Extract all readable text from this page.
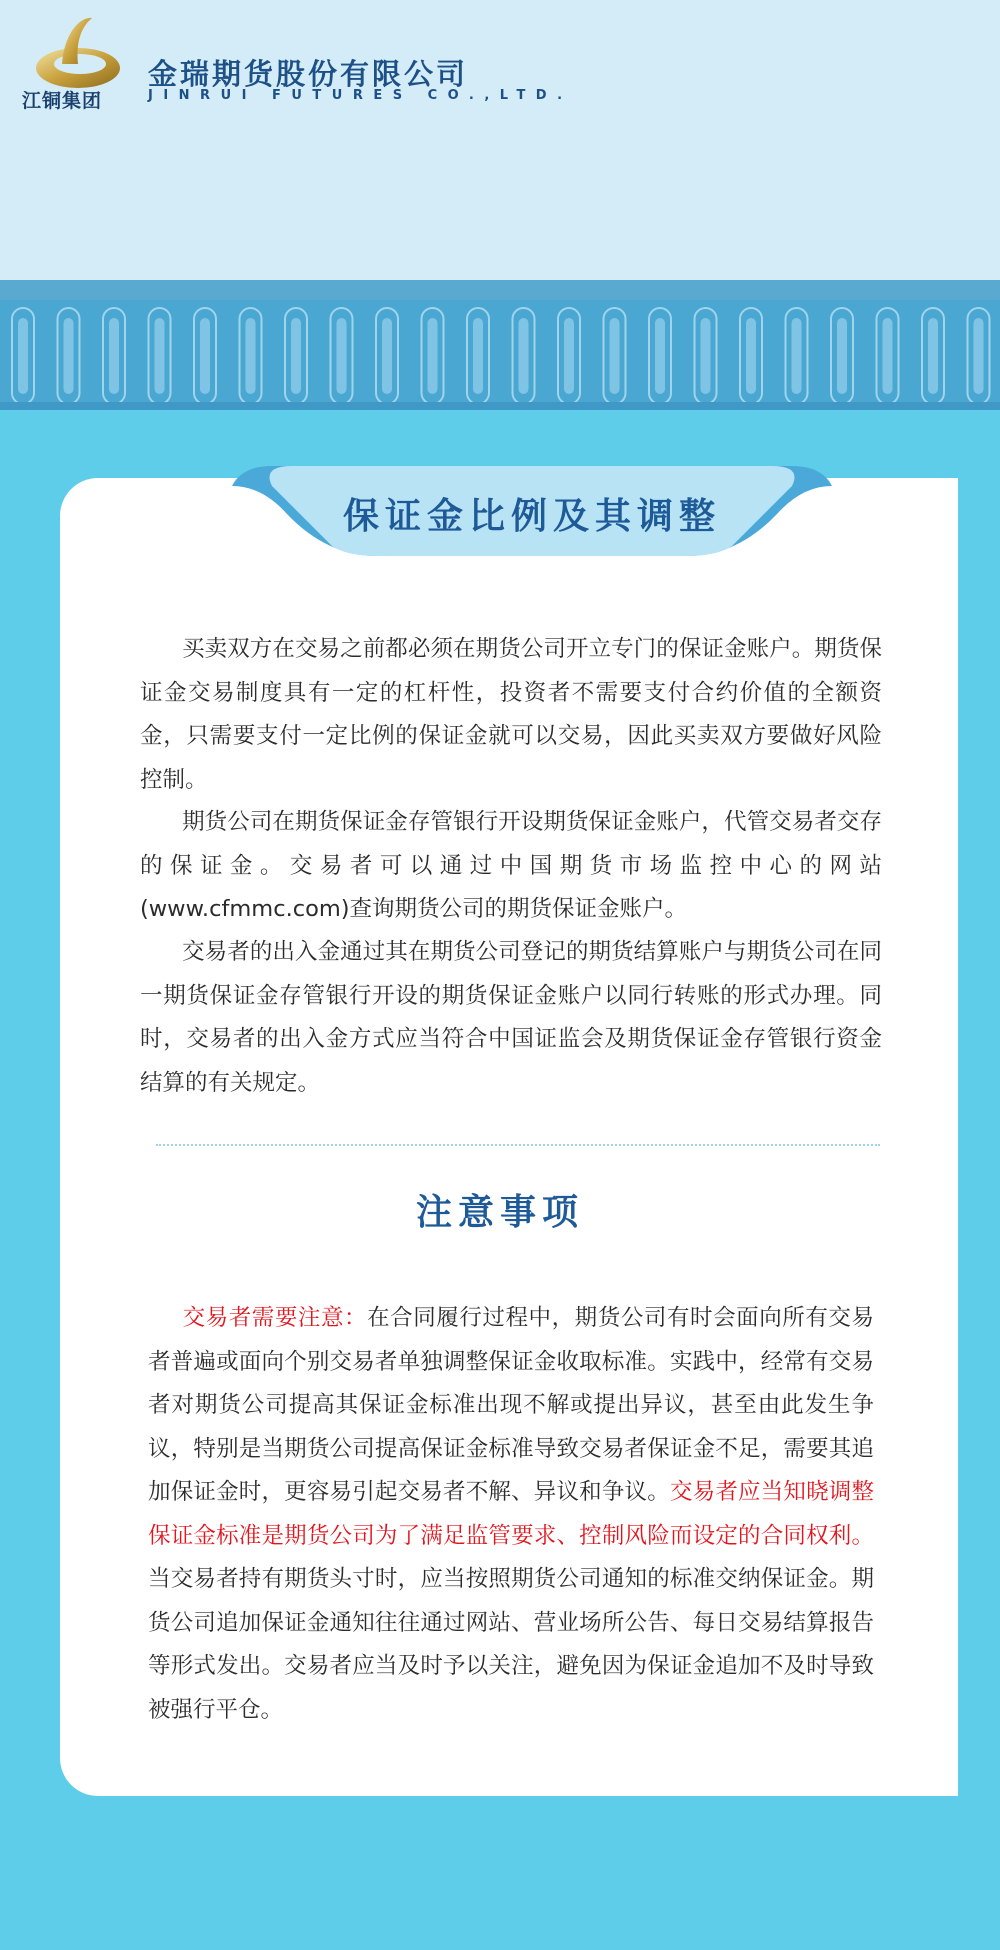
江铜集团
金瑞期货股份有限公司
JINRUI FUTURES CO.,LTD.
保证金比例及其调整

买卖双方在交易之前都必须在期货公司开立专门的保证金账户。期货保证金交易制度具有一定的杠杆性，投资者不需要支付合约价值的全额资金，只需要支付一定比例的保证金就可以交易，因此买卖双方要做好风险控制。

期货公司在期货保证金存管银行开设期货保证金账户，代管交易者交存的保证金。交易者可以通过中国期货市场监控中心的网站(www.cfmmc.com)查询期货公司的期货保证金账户。

交易者的出入金通过其在期货公司登记的期货结算账户与期货公司在同一期货保证金存管银行开设的期货保证金账户以同行转账的形式办理。同时，交易者的出入金方式应当符合中国证监会及期货保证金存管银行资金结算的有关规定。

注意事项

交易者需要注意：在合同履行过程中，期货公司有时会面向所有交易者普遍或面向个别交易者单独调整保证金收取标准。实践中，经常有交易者对期货公司提高其保证金标准出现不解或提出异议，甚至由此发生争议，特别是当期货公司提高保证金标准导致交易者保证金不足，需要其追加保证金时，更容易引起交易者不解、异议和争议。交易者应当知晓调整保证金标准是期货公司为了满足监管要求、控制风险而设定的合同权利。当交易者持有期货头寸时，应当按照期货公司通知的标准交纳保证金。期货公司追加保证金通知往往通过网站、营业场所公告、每日交易结算报告等形式发出。交易者应当及时予以关注，避免因为保证金追加不及时导致被强行平仓。
